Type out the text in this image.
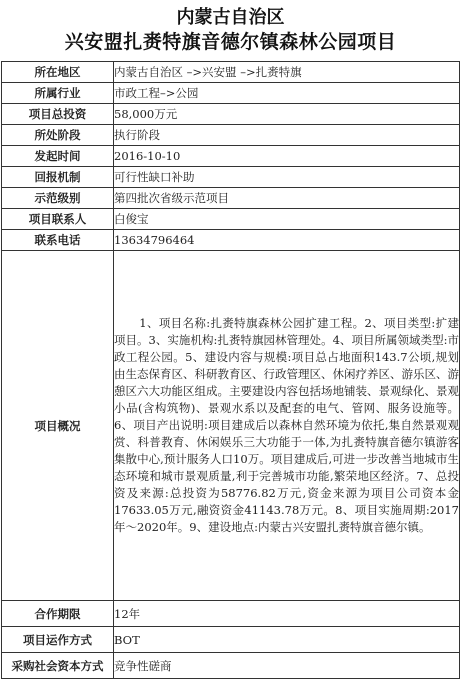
内蒙古自治区
兴安盟扎赉特旗音德尔镇森林公园项目
所在地区	内蒙古自治区 –>兴安盟 –>扎赉特旗
所属行业	市政工程–>公园
项目总投资	58,000万元
所处阶段	执行阶段
发起时间	2016-10-10
回报机制	可行性缺口补助
示范级别	第四批次省级示范项目
项目联系人	白俊宝
联系电话	13634796464
项目概况	1、项目名称:扎赉特旗森林公园扩建工程。2、项目类型:扩建项目。3、实施机构:扎赉特旗园林管理处。4、项目所属领域类型:市政工程公园。5、建设内容与规模:项目总占地面积143.7公顷,规划由生态保育区、科研教育区、行政管理区、休闲疗养区、游乐区、游憩区六大功能区组成。主要建设内容包括场地铺装、景观绿化、景观小品(含构筑物)、景观水系以及配套的电气、管网、服务设施等。6、项目产出说明:项目建成后以森林自然环境为依托,集自然景观观赏、科普教育、休闲娱乐三大功能于一体,为扎赉特旗音德尔镇游客集散中心,预计服务人口10万。项目建成后,可进一步改善当地城市生态环境和城市景观质量,利于完善城市功能,繁荣地区经济。7、总投资及来源:总投资为58776.82万元,资金来源为项目公司资本金17633.05万元,融资资金41143.78万元。8、项目实施周期:2017年～2020年。9、建设地点:内蒙古兴安盟扎赉特旗音德尔镇。
合作期限	12年
项目运作方式	BOT
采购社会资本方式	竞争性磋商
